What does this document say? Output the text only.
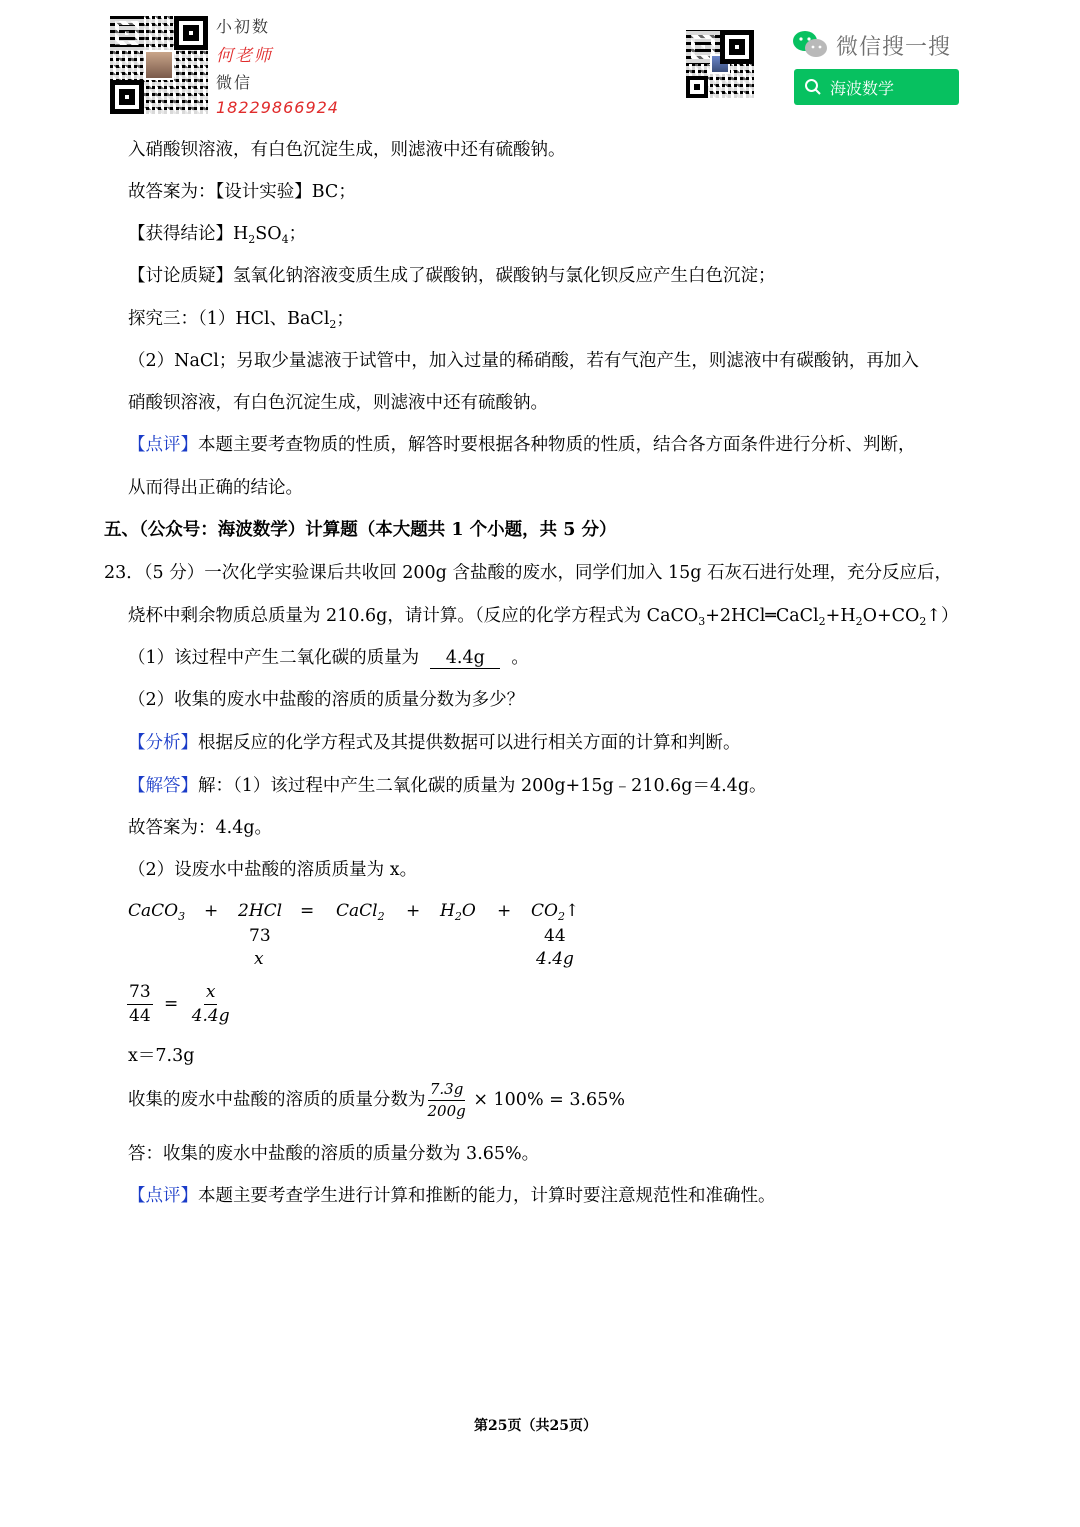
小初数
何老师
微信
18229866924
微信搜一搜
海波数学
入硝酸钡溶液，有白色沉淀生成，则滤液中还有硫酸钠。
故答案为：【设计实验】BC；
【获得结论】$H_2SO_4$；
【讨论质疑】氢氧化钠溶液变质生成了碳酸钠，碳酸钠与氯化钡反应产生白色沉淀；
探究三：（1）HCl、BaCl$_2$；
（2）NaCl；另取少量滤液于试管中，加入过量的稀硝酸，若有气泡产生，则滤液中有碳酸钠，再加入
硝酸钡溶液，有白色沉淀生成，则滤液中还有硫酸钠。
【点评】本题主要考查物质的性质，解答时要根据各种物质的性质，结合各方面条件进行分析、判断，
从而得出正确的结论。
五、（公众号：海波数学）计算题（本大题共 1 个小题，共 5 分）
23．（5 分）一次化学实验课后共收回 200g 含盐酸的废水，同学们加入 15g 石灰石进行处理，充分反应后，
烧杯中剩余物质总质量为 210.6g，请计算。（反应的化学方程式为 $CaCO_3+2HCl═CaCl_2+H_2O+CO_2↑$）
（1）该过程中产生二氧化碳的质量为 4.4g 。
（2）收集的废水中盐酸的溶质的质量分数为多少？
【分析】根据反应的化学方程式及其提供数据可以进行相关方面的计算和判断。
【解答】解：（1）该过程中产生二氧化碳的质量为 200g+15g﹣210.6g＝4.4g。
故答案为：4.4g。
（2）设废水中盐酸的溶质质量为 x。
CaCO$_3$ + 2HCl = CaCl$_2$ + $H_2O$ + $CO_2↑$
73
x
44
4.4g
$\frac{73}{44} = \frac{x}{4.4g}$
x＝7.3g
收集的废水中盐酸的溶质的质量分数为 $\frac{7.3g}{200g} \times 100\% = 3.65\%$
答：收集的废水中盐酸的溶质的质量分数为 3.65%。
【点评】本题主要考查学生进行计算和推断的能力，计算时要注意规范性和准确性。
第25页（共25页）
